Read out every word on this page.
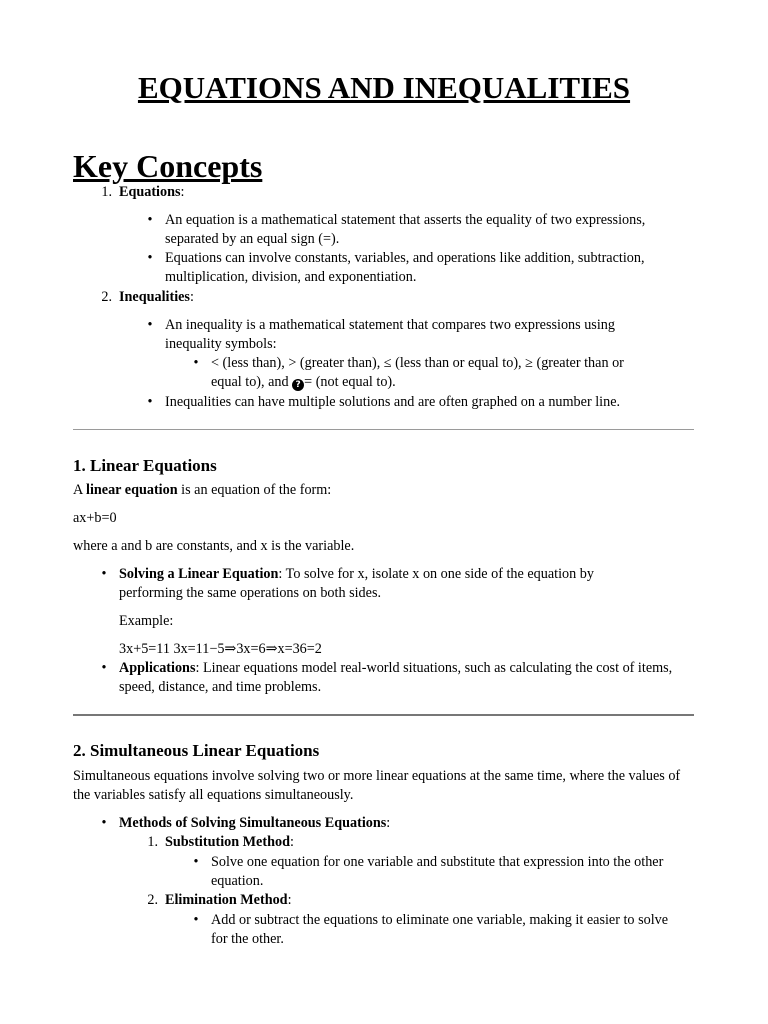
EQUATIONS AND INEQUALITIES
Key Concepts
1. Equations:
• An equation is a mathematical statement that asserts the equality of two expressions, separated by an equal sign (=).
• Equations can involve constants, variables, and operations like addition, subtraction, multiplication, division, and exponentiation.
2. Inequalities:
• An inequality is a mathematical statement that compares two expressions using inequality symbols:
• < (less than), > (greater than), ≤ (less than or equal to), ≥ (greater than or
equal to), and ? = (not equal to).
• Inequalities can have multiple solutions and are often graphed on a number line.
1. Linear Equations

A linear equation is an equation of the form:

ax+b=0

where a and b are constants, and x is the variable.

• Solving a Linear Equation: To solve for x, isolate x on one side of the equation by performing the same operations on both sides.

Example:

3x+5=11 3x=11−5⇒3x=6⇒x=36=2

• Applications: Linear equations model real-world situations, such as calculating the cost of items, speed, distance, and time problems.
2. Simultaneous Linear Equations

Simultaneous equations involve solving two or more linear equations at the same time, where the values of the variables satisfy all equations simultaneously.

• Methods of Solving Simultaneous Equations:
1. Substitution Method:
• Solve one equation for one variable and substitute that expression into the other equation.
2. Elimination Method:
• Add or subtract the equations to eliminate one variable, making it easier to solve for the other.
